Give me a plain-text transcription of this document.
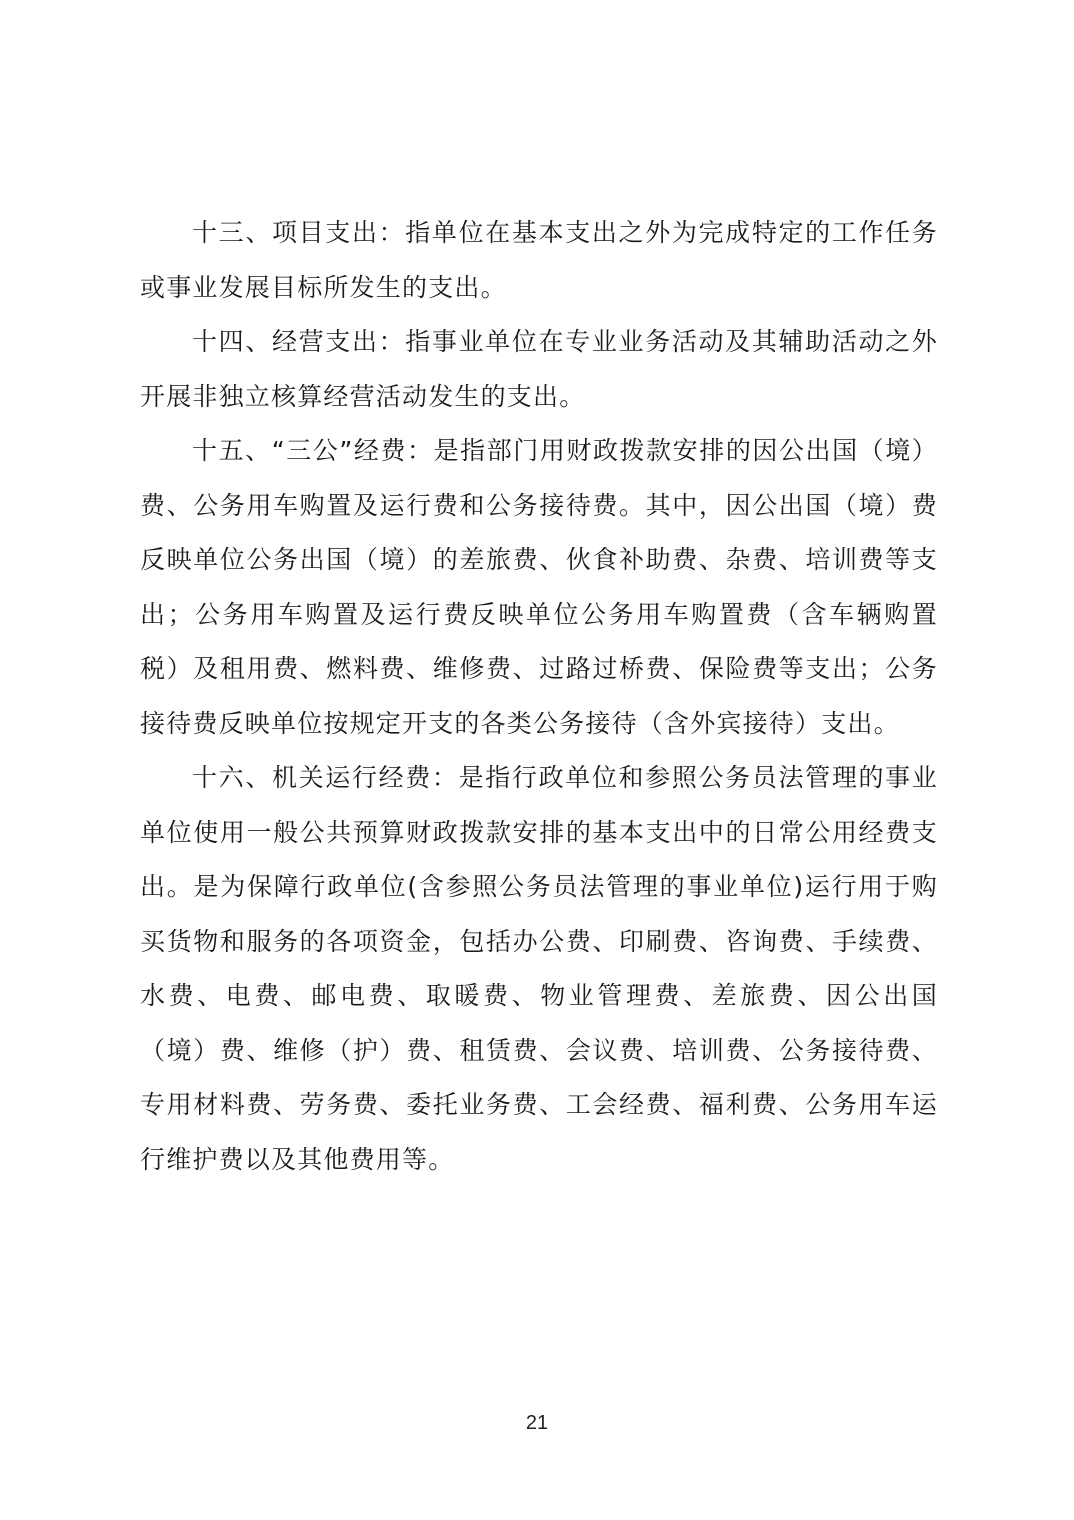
十三、项目支出：指单位在基本支出之外为完成特定的工作任务或事业发展目标所发生的支出。

十四、经营支出：指事业单位在专业业务活动及其辅助活动之外开展非独立核算经营活动发生的支出。

十五、“三公”经费：是指部门用财政拨款安排的因公出国（境）费、公务用车购置及运行费和公务接待费。其中，因公出国（境）费反映单位公务出国（境）的差旅费、伙食补助费、杂费、培训费等支出；公务用车购置及运行费反映单位公务用车购置费（含车辆购置税）及租用费、燃料费、维修费、过路过桥费、保险费等支出；公务接待费反映单位按规定开支的各类公务接待（含外宾接待）支出。

十六、机关运行经费：是指行政单位和参照公务员法管理的事业单位使用一般公共预算财政拨款安排的基本支出中的日常公用经费支出。是为保障行政单位(含参照公务员法管理的事业单位)运行用于购买货物和服务的各项资金，包括办公费、印刷费、咨询费、手续费、水费、电费、邮电费、取暖费、物业管理费、差旅费、因公出国（境）费、维修（护）费、租赁费、会议费、培训费、公务接待费、专用材料费、劳务费、委托业务费、工会经费、福利费、公务用车运行维护费以及其他费用等。

21
